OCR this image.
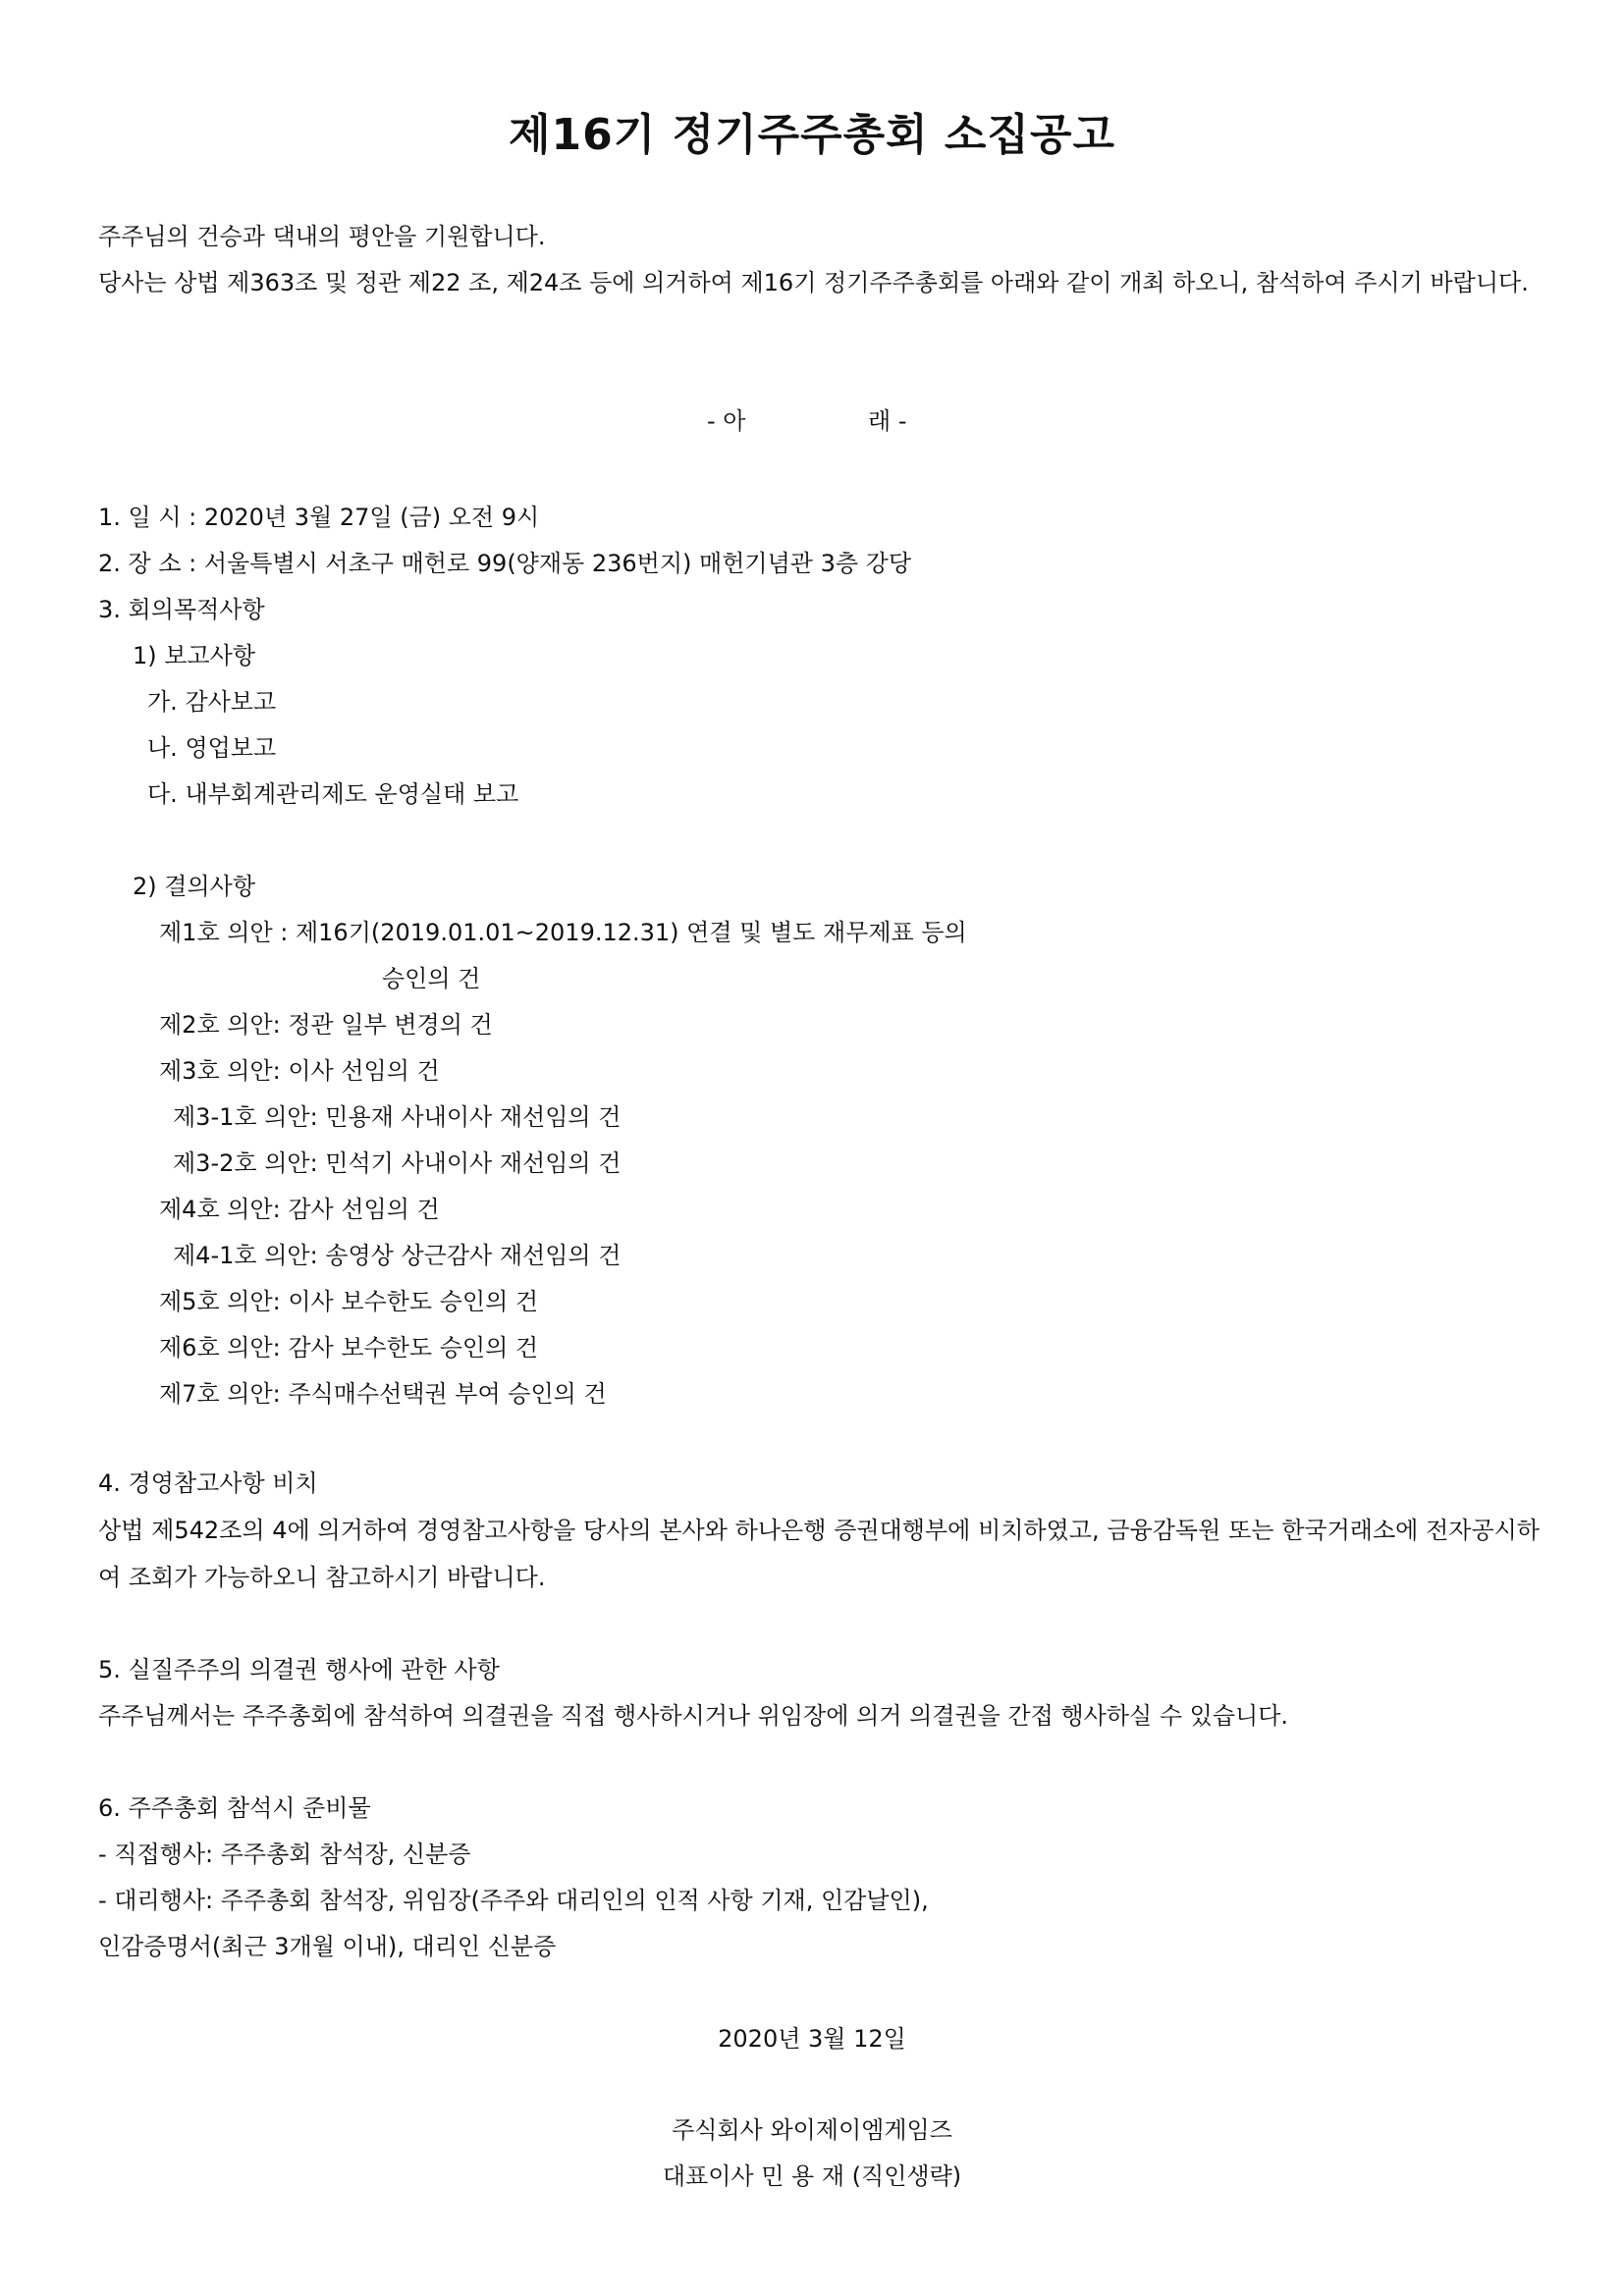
제16기 정기주주총회 소집공고
주주님의 건승과 댁내의 평안을 기원합니다.
당사는 상법 제363조 및 정관 제22 조, 제24조 등에 의거하여 제16기 정기주주총회를 아래와 같이 개최 하오니, 참석하여 주시기 바랍니다.
- 아	래 -
1. 일 시 : 2020년 3월 27일 (금) 오전 9시
2. 장 소 : 서울특별시 서초구 매헌로 99(양재동 236번지) 매헌기념관 3층 강당
3. 회의목적사항
1) 보고사항
가. 감사보고
나. 영업보고
다. 내부회계관리제도 운영실태 보고
2) 결의사항
제1호 의안 : 제16기(2019.01.01~2019.12.31) 연결 및 별도 재무제표 등의
승인의 건
제2호 의안: 정관 일부 변경의 건
제3호 의안: 이사 선임의 건
제3-1호 의안: 민용재 사내이사 재선임의 건
제3-2호 의안: 민석기 사내이사 재선임의 건
제4호 의안: 감사 선임의 건
제4-1호 의안: 송영상 상근감사 재선임의 건
제5호 의안: 이사 보수한도 승인의 건
제6호 의안: 감사 보수한도 승인의 건
제7호 의안: 주식매수선택권 부여 승인의 건
4. 경영참고사항 비치
상법 제542조의 4에 의거하여 경영참고사항을 당사의 본사와 하나은행 증권대행부에 비치하였고, 금융감독원 또는 한국거래소에 전자공시하여 조회가 가능하오니 참고하시기 바랍니다.
5. 실질주주의 의결권 행사에 관한 사항
주주님께서는 주주총회에 참석하여 의결권을 직접 행사하시거나 위임장에 의거 의결권을 간접 행사하실 수 있습니다.
6. 주주총회 참석시 준비물
- 직접행사: 주주총회 참석장, 신분증
- 대리행사: 주주총회 참석장, 위임장(주주와 대리인의 인적 사항 기재, 인감날인),
인감증명서(최근 3개월 이내), 대리인 신분증
2020년 3월 12일
주식회사 와이제이엠게임즈
대표이사 민 용 재 (직인생략)
